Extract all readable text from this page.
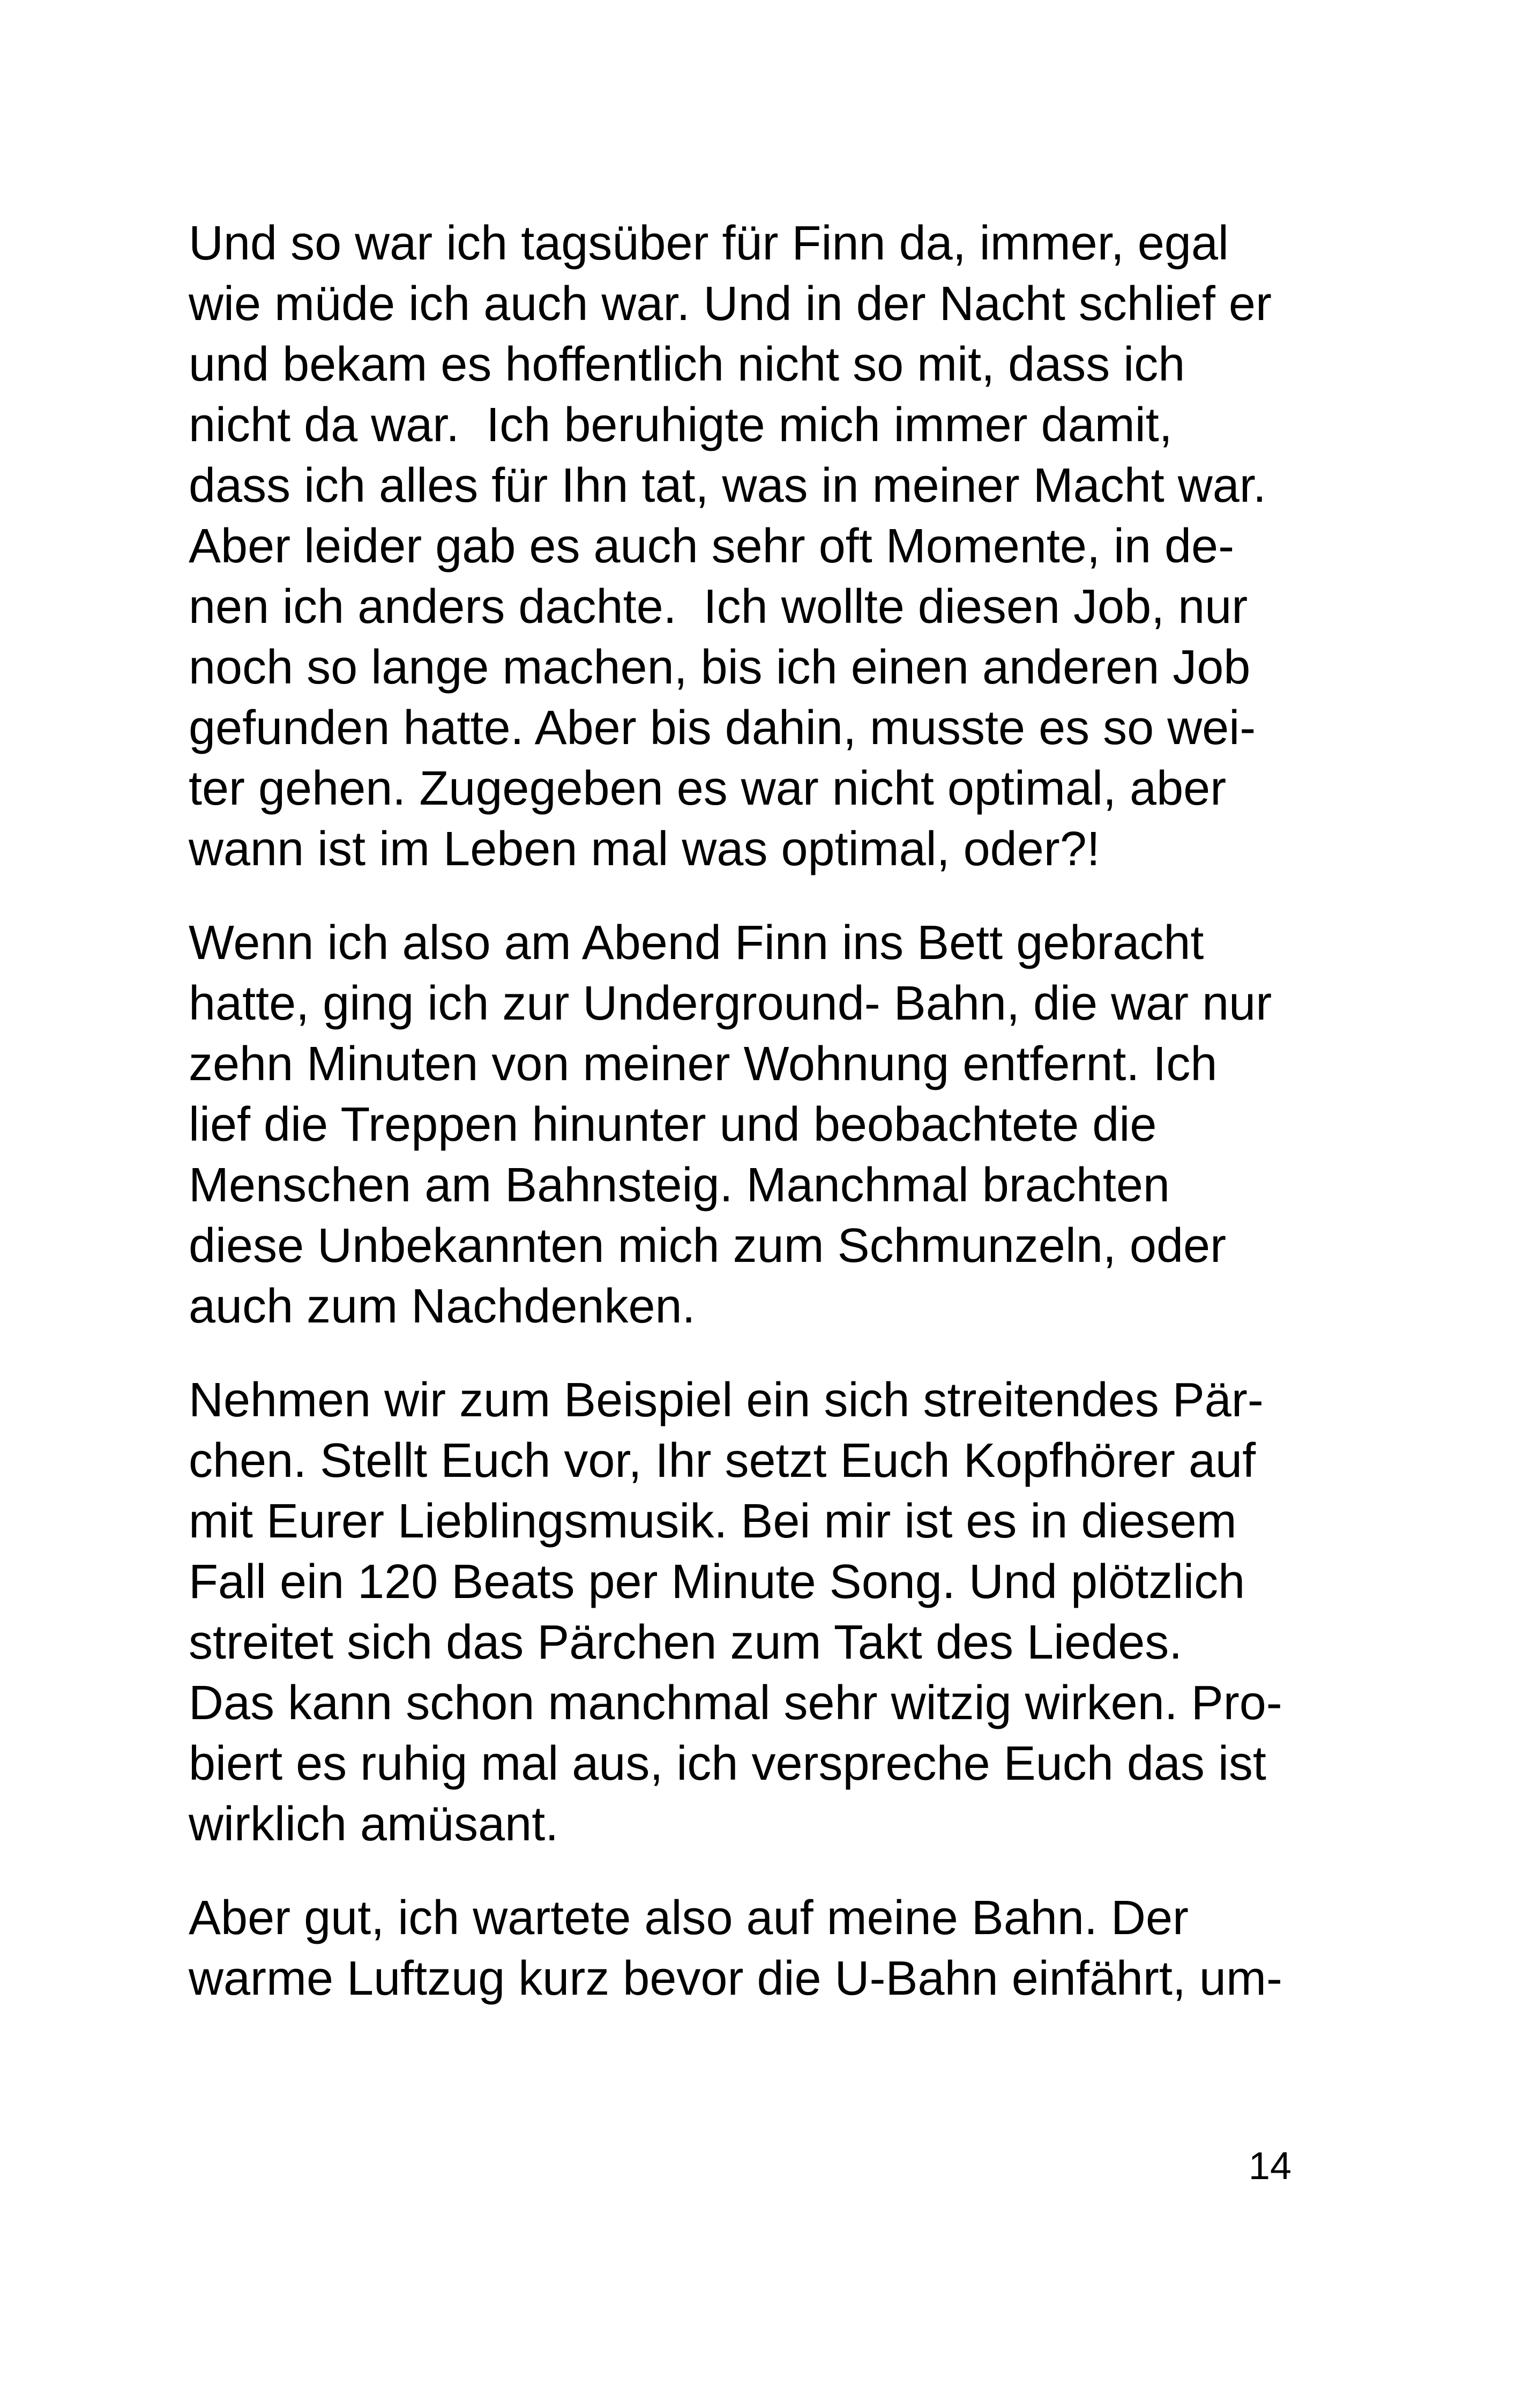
Und so war ich tagsüber für Finn da, immer, egal
wie müde ich auch war. Und in der Nacht schlief er
und bekam es hoffentlich nicht so mit, dass ich
nicht da war.  Ich beruhigte mich immer damit,
dass ich alles für Ihn tat, was in meiner Macht war.
Aber leider gab es auch sehr oft Momente, in de-
nen ich anders dachte.  Ich wollte diesen Job, nur
noch so lange machen, bis ich einen anderen Job
gefunden hatte. Aber bis dahin, musste es so wei-
ter gehen. Zugegeben es war nicht optimal, aber
wann ist im Leben mal was optimal, oder?!

Wenn ich also am Abend Finn ins Bett gebracht
hatte, ging ich zur Underground- Bahn, die war nur
zehn Minuten von meiner Wohnung entfernt. Ich
lief die Treppen hinunter und beobachtete die
Menschen am Bahnsteig. Manchmal brachten
diese Unbekannten mich zum Schmunzeln, oder
auch zum Nachdenken.

Nehmen wir zum Beispiel ein sich streitendes Pär-
chen. Stellt Euch vor, Ihr setzt Euch Kopfhörer auf
mit Eurer Lieblingsmusik. Bei mir ist es in diesem
Fall ein 120 Beats per Minute Song. Und plötzlich
streitet sich das Pärchen zum Takt des Liedes.
Das kann schon manchmal sehr witzig wirken. Pro-
biert es ruhig mal aus, ich verspreche Euch das ist
wirklich amüsant.

Aber gut, ich wartete also auf meine Bahn. Der
warme Luftzug kurz bevor die U-Bahn einfährt, um-

14
